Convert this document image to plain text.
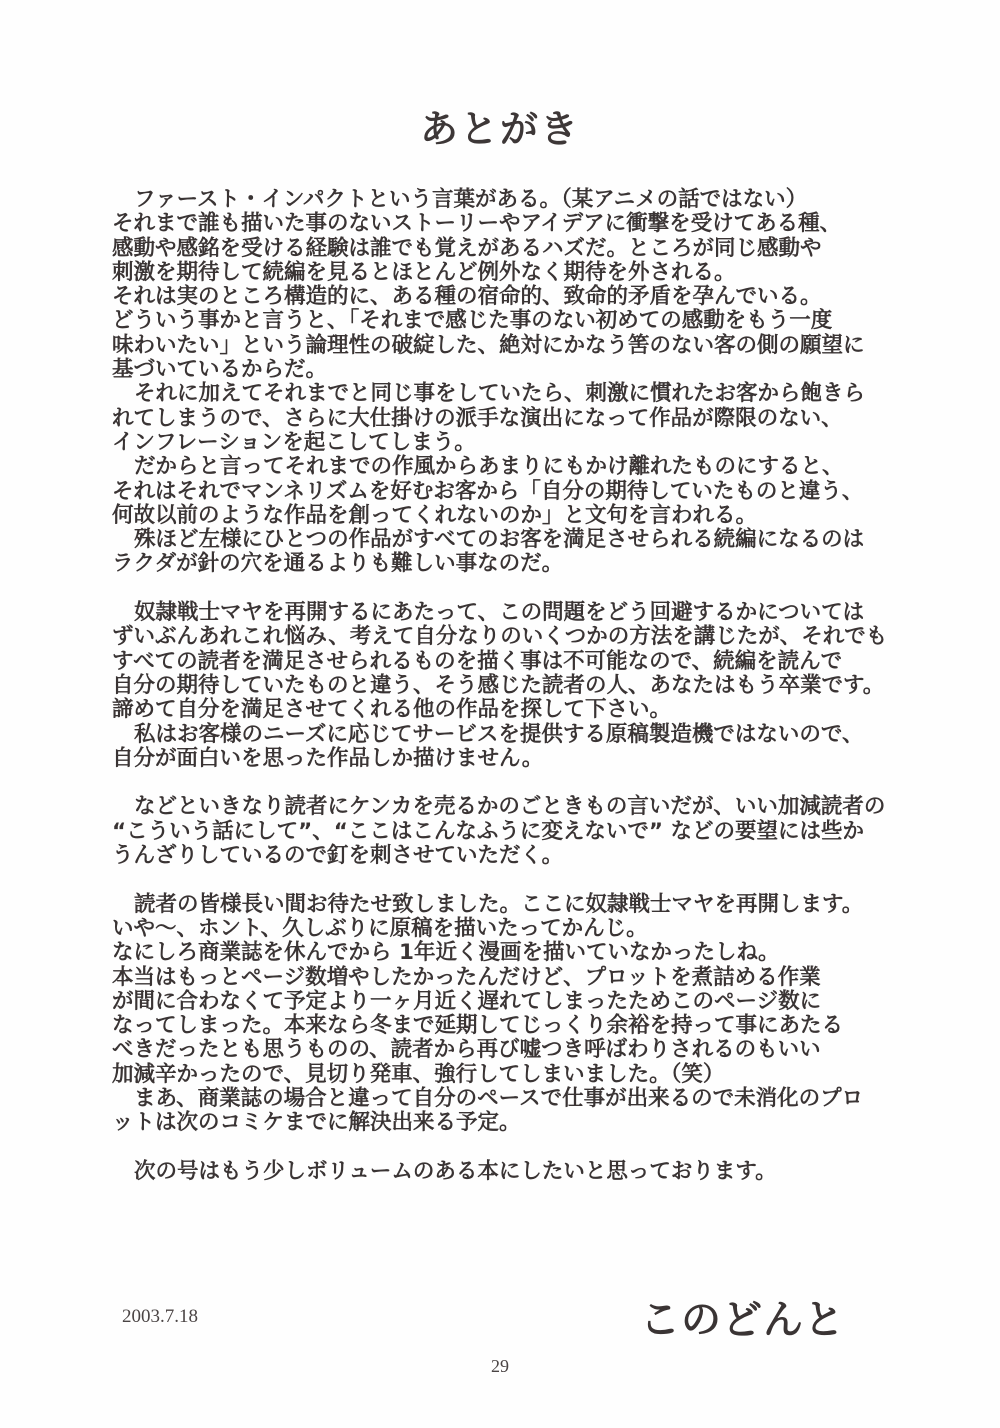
あとがき
ファースト・インパクトという言葉がある。（某アニメの話ではない）
それまで誰も描いた事のないストーリーやアイデアに衝撃を受けてある種、
感動や感銘を受ける経験は誰でも覚えがあるハズだ。ところが同じ感動や
刺激を期待して続編を見るとほとんど例外なく期待を外される。
それは実のところ構造的に、ある種の宿命的、致命的矛盾を孕んでいる。
どういう事かと言うと、「それまで感じた事のない初めての感動をもう一度
味わいたい」という論理性の破綻した、絶対にかなう筈のない客の側の願望に
基づいているからだ。
それに加えてそれまでと同じ事をしていたら、刺激に慣れたお客から飽きら
れてしまうので、さらに大仕掛けの派手な演出になって作品が際限のない、
インフレーションを起こしてしまう。
だからと言ってそれまでの作風からあまりにもかけ離れたものにすると、
それはそれでマンネリズムを好むお客から「自分の期待していたものと違う、
何故以前のような作品を創ってくれないのか」と文句を言われる。
殊ほど左様にひとつの作品がすべてのお客を満足させられる続編になるのは
ラクダが針の穴を通るよりも難しい事なのだ。
奴隷戦士マヤを再開するにあたって、この問題をどう回避するかについては
ずいぶんあれこれ悩み、考えて自分なりのいくつかの方法を講じたが、それでも
すべての読者を満足させられるものを描く事は不可能なので、続編を読んで
自分の期待していたものと違う、そう感じた読者の人、あなたはもう卒業です。
諦めて自分を満足させてくれる他の作品を探して下さい。
私はお客様のニーズに応じてサービスを提供する原稿製造機ではないので、
自分が面白いを思った作品しか描けません。
などといきなり読者にケンカを売るかのごときもの言いだが、いい加減読者の
“こういう話にして”、“ここはこんなふうに変えないで” などの要望には些か
うんざりしているので釘を刺させていただく。
読者の皆様長い間お待たせ致しました。ここに奴隷戦士マヤを再開します。
いや～、ホント、久しぶりに原稿を描いたってかんじ。
なにしろ商業誌を休んでから 1年近く漫画を描いていなかったしね。
本当はもっとページ数増やしたかったんだけど、プロットを煮詰める作業
が間に合わなくて予定より一ヶ月近く遅れてしまったためこのページ数に
なってしまった。本来なら冬まで延期してじっくり余裕を持って事にあたる
べきだったとも思うものの、読者から再び嘘つき呼ばわりされるのもいい
加減辛かったので、見切り発車、強行してしまいました。（笑）
まあ、商業誌の場合と違って自分のペースで仕事が出来るので未消化のプロ
ットは次のコミケまでに解決出来る予定。
次の号はもう少しボリュームのある本にしたいと思っております。
2003.7.18	このどんと
29
